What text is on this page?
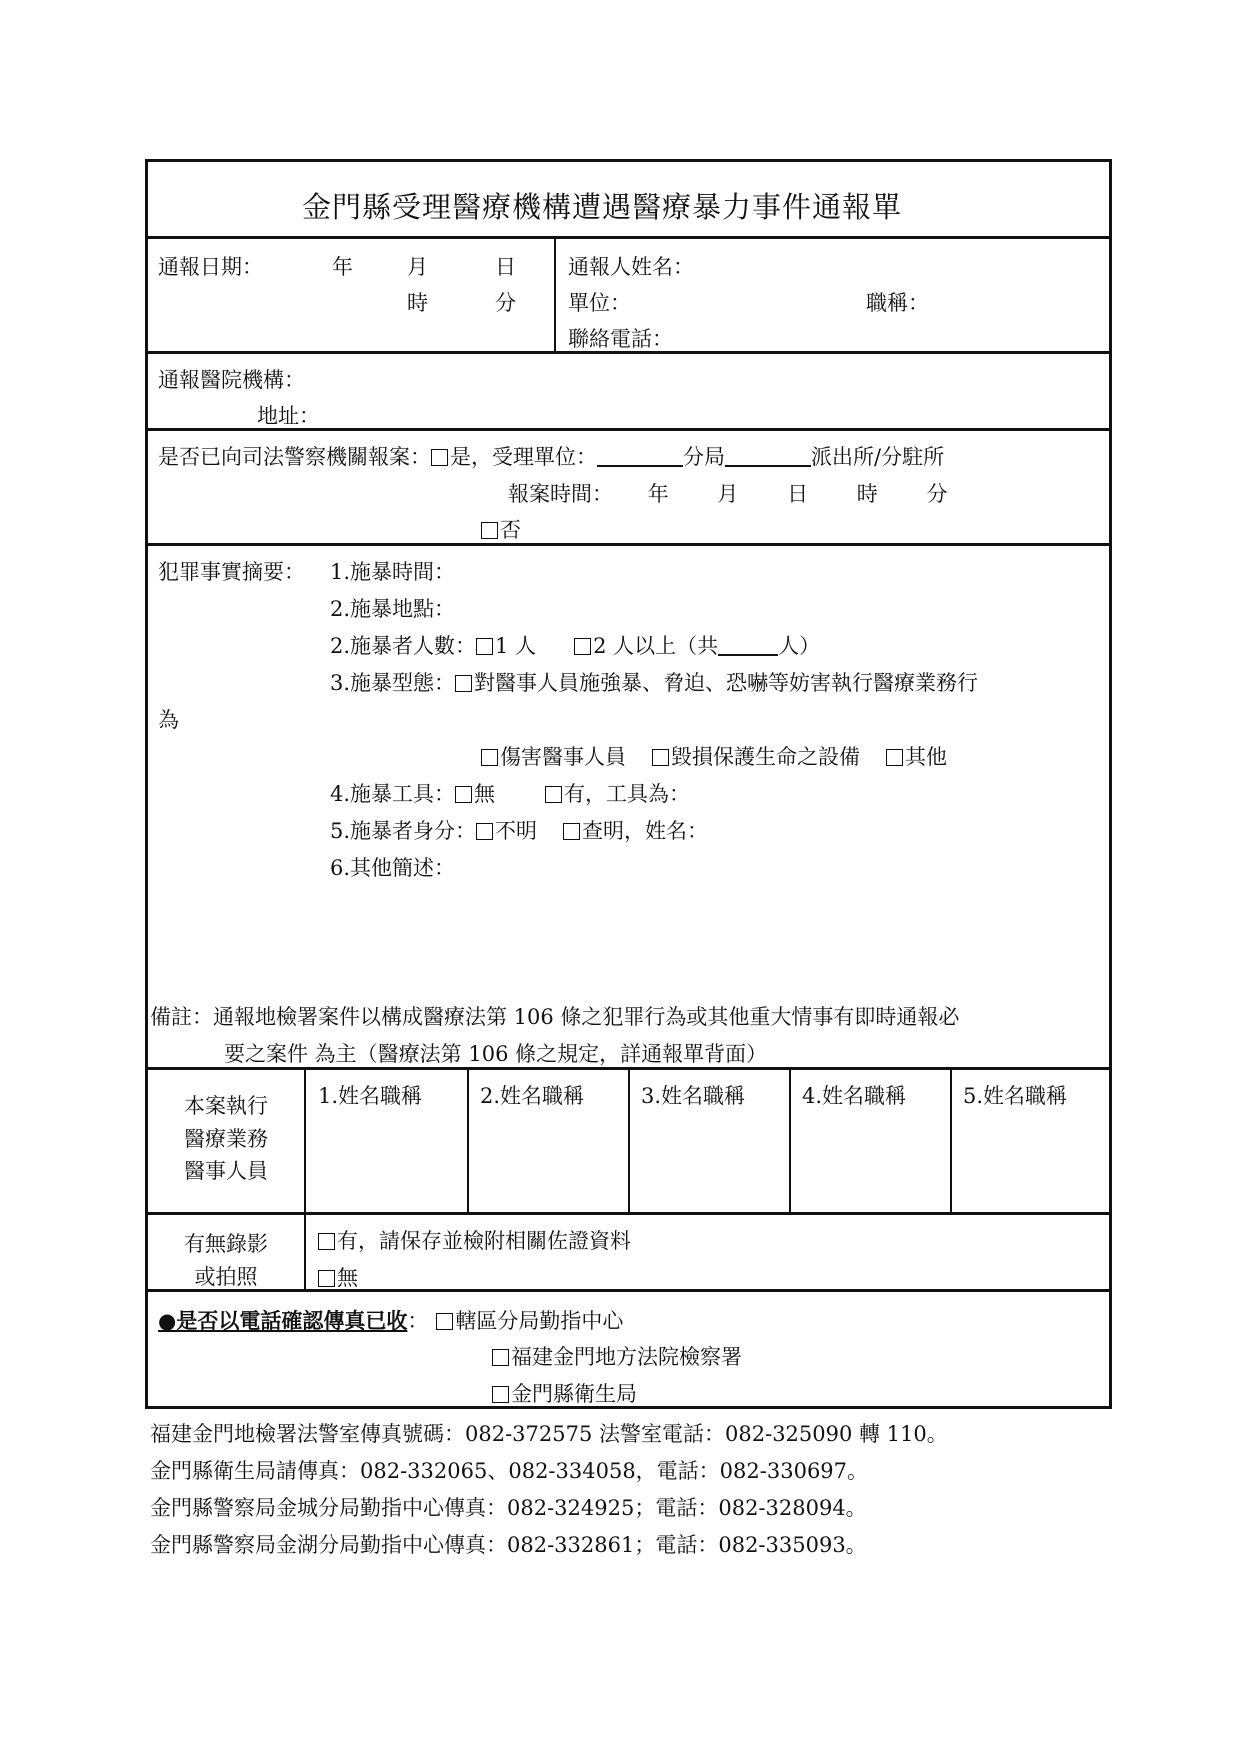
金門縣受理醫療機構遭遇醫療暴力事件通報單
通報日期：	年	月	日
時	分
通報人姓名：
單位：	職稱：
聯絡電話：
通報醫院機構：
地址：
是否已向司法警察機關報案： 是，受理單位：	分局	派出所/分駐所
報案時間： 年 月 日 時 分
否
犯罪事實摘要： 1.施暴時間：
2.施暴地點：
2.施暴者人數： 1 人	2 人以上（共	人）
3.施暴型態： 對醫事人員施強暴、脅迫、恐嚇等妨害執行醫療業務行
為
傷害醫事人員 毀損保護生命之設備 其他
4.施暴工具： 無	有，工具為：
5.施暴者身分： 不明 查明，姓名：
6.其他簡述：
備註：通報地檢署案件以構成醫療法第 106 條之犯罪行為或其他重大情事有即時通報必
要之案件 為主（醫療法第 106 條之規定，詳通報單背面）
本案執行
醫療業務
醫事人員
1.姓名職稱	2.姓名職稱	3.姓名職稱	4.姓名職稱	5.姓名職稱
有無錄影
或拍照
有，請保存並檢附相關佐證資料
無
●是否以電話確認傳真已收： 轄區分局勤指中心
福建金門地方法院檢察署
金門縣衛生局
福建金門地檢署法警室傳真號碼：082-372575 法警室電話：082-325090 轉 110。
金門縣衛生局請傳真：082-332065、082-334058，電話：082-330697。
金門縣警察局金城分局勤指中心傳真：082-324925；電話：082-328094。
金門縣警察局金湖分局勤指中心傳真：082-332861；電話：082-335093。
